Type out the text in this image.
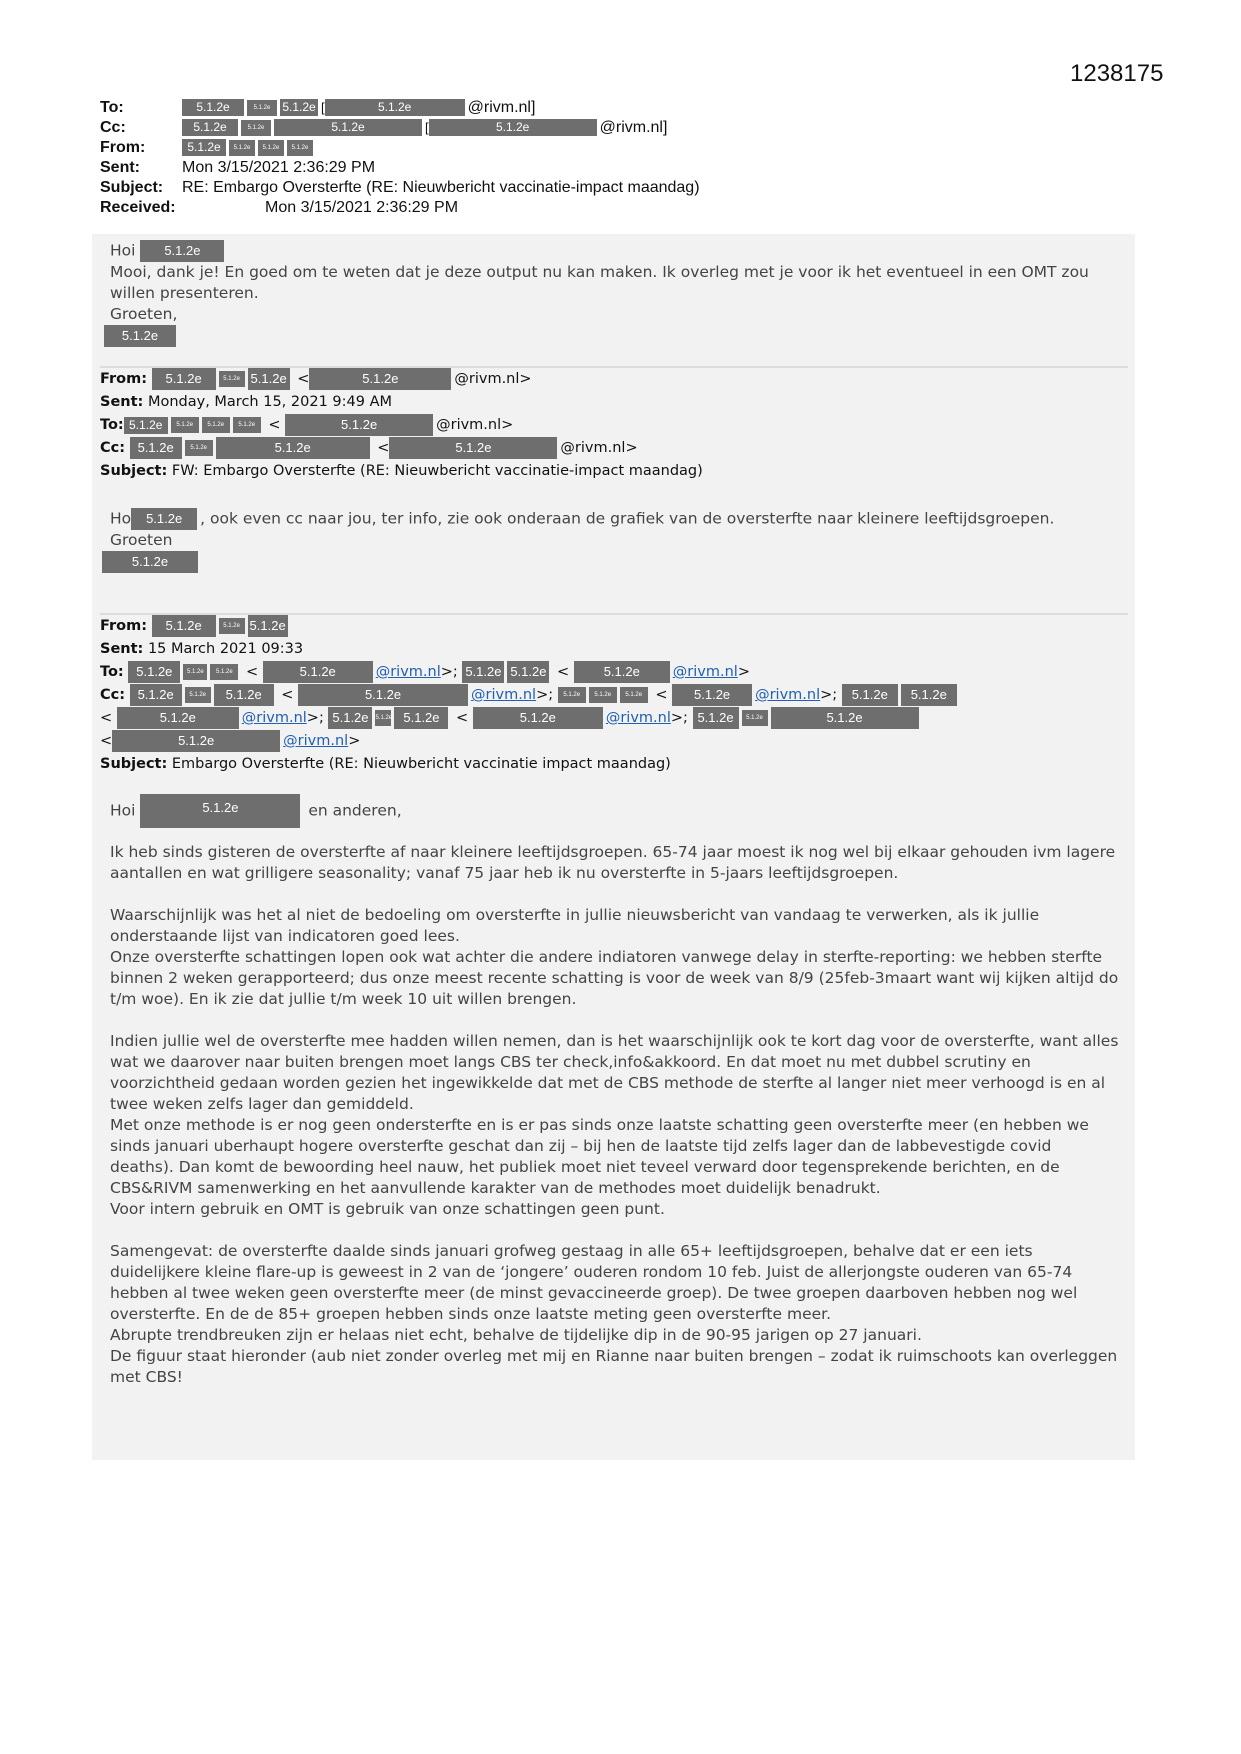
1238175
To:	5.1.2e	5.1.2e 5.1.2e [	5.1.2e	@rivm.nl]
Cc:	5.1.2e	5.1.2e	5.1.2e	[	5.1.2e	@rivm.nl]
From:	5.1.2e 5.1.2e 5.1.2e 5.1.2e
Sent:	Mon 3/15/2021 2:36:29 PM
Subject: RE: Embargo Oversterfte (RE: Nieuwbericht vaccinatie-impact maandag)
Received:	Mon 3/15/2021 2:36:29 PM

Hoi 5.1.2e

Mooi, dank je! En goed om te weten dat je deze output nu kan maken. Ik overleg met je voor ik het eventueel in een OMT zou willen presenteren.

Groeten,

5.1.2e

From: 5.1.2e	5.1.2e 5.1.2e <	5.1.2e	@rivm.nl>
Sent: Monday, March 15, 2021 9:49 AM
To: 5.1.2e 5.1.2e 5.1.2e 5.1.2e <	5.1.2e	@rivm.nl>
Cc: 5.1.2e	5.1.2e	5.1.2e	<	5.1.2e	@rivm.nl>
Subject: FW: Embargo Oversterfte (RE: Nieuwbericht vaccinatie-impact maandag)

Ho 5.1.2e , ook even cc naar jou, ter info, zie ook onderaan de grafiek van de oversterfte naar kleinere leeftijdsgroepen.

Groeten

5.1.2e

From: 5.1.2e	5.1.2e 5.1.2e
Sent: 15 March 2021 09:33
To: 5.1.2e 5.1.2e 5.1.2e <	5.1.2e	@rivm.nl>; 5.1.2e 5.1.2e < 5.1.2e @rivm.nl>
Cc: 5.1.2e	5.1.2e 5.1.2e <	5.1.2e	@rivm.nl>; 5.1.2e 5.1.2e 5.1.2e < 5.1.2e @rivm.nl>; 5.1.2e 5.1.2e
<	5.1.2e	@rivm.nl>; 5.1.2e 5.1.2e 5.1.2e <	5.1.2e	@rivm.nl>; 5.1.2e 5.1.2e	5.1.2e
<	5.1.2e	@rivm.nl>
Subject: Embargo Oversterfte (RE: Nieuwbericht vaccinatie impact maandag)

Hoi	5.1.2e	en anderen,

Ik heb sinds gisteren de oversterfte af naar kleinere leeftijdsgroepen. 65-74 jaar moest ik nog wel bij elkaar gehouden ivm lagere aantallen en wat grilligere seasonality; vanaf 75 jaar heb ik nu oversterfte in 5-jaars leeftijdsgroepen.

Waarschijnlijk was het al niet de bedoeling om oversterfte in jullie nieuwsbericht van vandaag te verwerken, als ik jullie onderstaande lijst van indicatoren goed lees.

Onze oversterfte schattingen lopen ook wat achter die andere indiatoren vanwege delay in sterfte-reporting: we hebben sterfte binnen 2 weken gerapporteerd; dus onze meest recente schatting is voor de week van 8/9 (25feb-3maart want wij kijken altijd do t/m woe). En ik zie dat jullie t/m week 10 uit willen brengen.

Indien jullie wel de oversterfte mee hadden willen nemen, dan is het waarschijnlijk ook te kort dag voor de oversterfte, want alles wat we daarover naar buiten brengen moet langs CBS ter check,info&akkoord. En dat moet nu met dubbel scrutiny en voorzichtheid gedaan worden gezien het ingewikkelde dat met de CBS methode de sterfte al langer niet meer verhoogd is en al twee weken zelfs lager dan gemiddeld.

Met onze methode is er nog geen ondersterfte en is er pas sinds onze laatste schatting geen oversterfte meer (en hebben we sinds januari uberhaupt hogere oversterfte geschat dan zij – bij hen de laatste tijd zelfs lager dan de labbevestigde covid deaths). Dan komt de bewoording heel nauw, het publiek moet niet teveel verward door tegensprekende berichten, en de CBS&RIVM samenwerking en het aanvullende karakter van de methodes moet duidelijk benadrukt.

Voor intern gebruik en OMT is gebruik van onze schattingen geen punt.

Samengevat: de oversterfte daalde sinds januari grofweg gestaag in alle 65+ leeftijdsgroepen, behalve dat er een iets duidelijkere kleine flare-up is geweest in 2 van de ‘jongere’ ouderen rondom 10 feb. Juist de allerjongste ouderen van 65-74 hebben al twee weken geen oversterfte meer (de minst gevaccineerde groep). De twee groepen daarboven hebben nog wel oversterfte. En de de 85+ groepen hebben sinds onze laatste meting geen oversterfte meer.

Abrupte trendbreuken zijn er helaas niet echt, behalve de tijdelijke dip in de 90-95 jarigen op 27 januari.

De figuur staat hieronder (aub niet zonder overleg met mij en Rianne naar buiten brengen – zodat ik ruimschoots kan overleggen met CBS!
